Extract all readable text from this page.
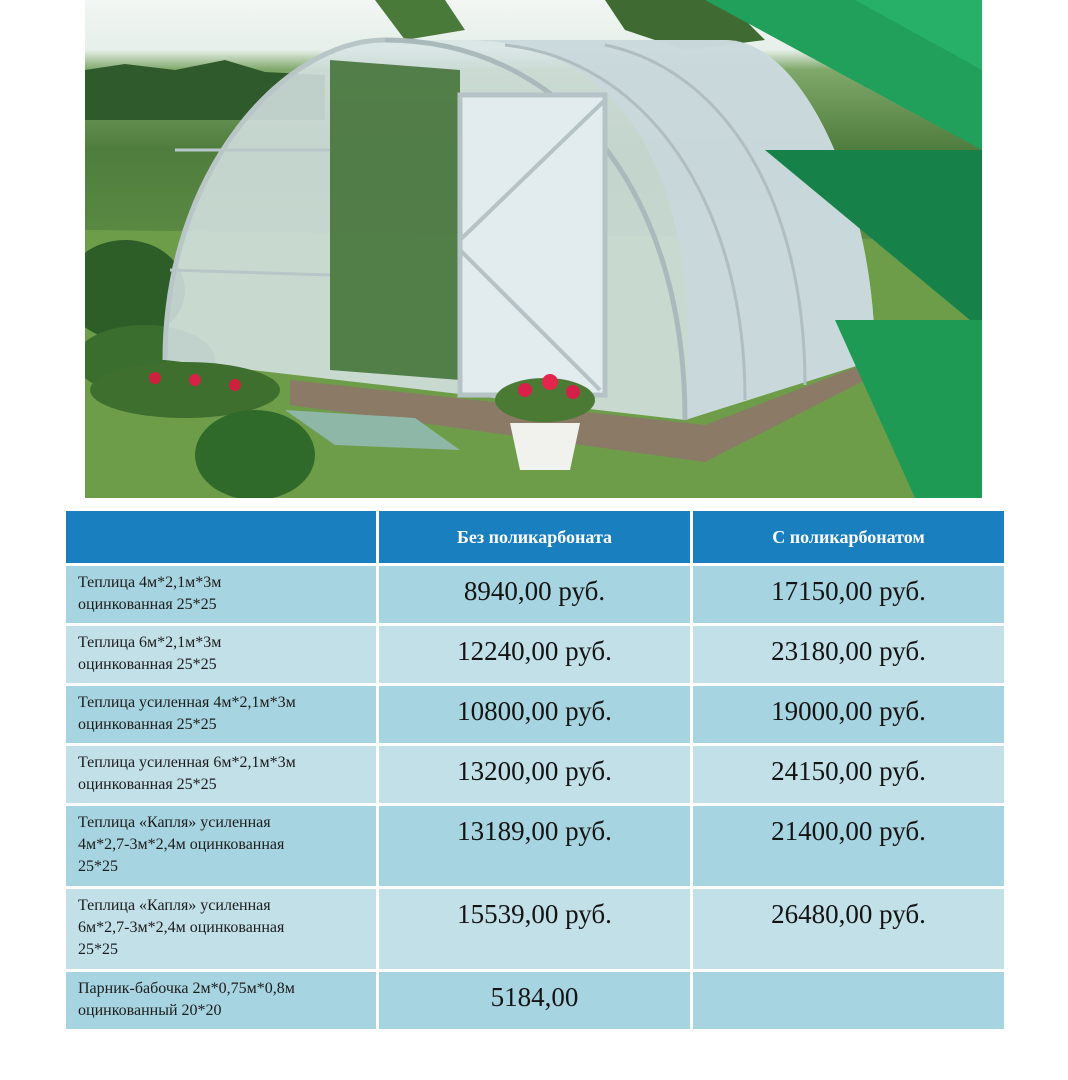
	Без поликарбоната	С поликарбонатом

Теплица 4м*2,1м*3м
оцинкованная 25*25	8940,00 руб.	17150,00 руб.

Теплица 6м*2,1м*3м
оцинкованная 25*25	12240,00 руб.	23180,00 руб.

Теплица усиленная 4м*2,1м*3м
оцинкованная 25*25	10800,00 руб.	19000,00 руб.

Теплица усиленная 6м*2,1м*3м
оцинкованная 25*25	13200,00 руб.	24150,00 руб.

Теплица «Капля» усиленная
4м*2,7-3м*2,4м оцинкованная
25*25	13189,00 руб.	21400,00 руб.

Теплица «Капля» усиленная
6м*2,7-3м*2,4м оцинкованная
25*25	15539,00 руб.	26480,00 руб.

Парник-бабочка 2м*0,75м*0,8м
оцинкованный 20*20	5184,00	
